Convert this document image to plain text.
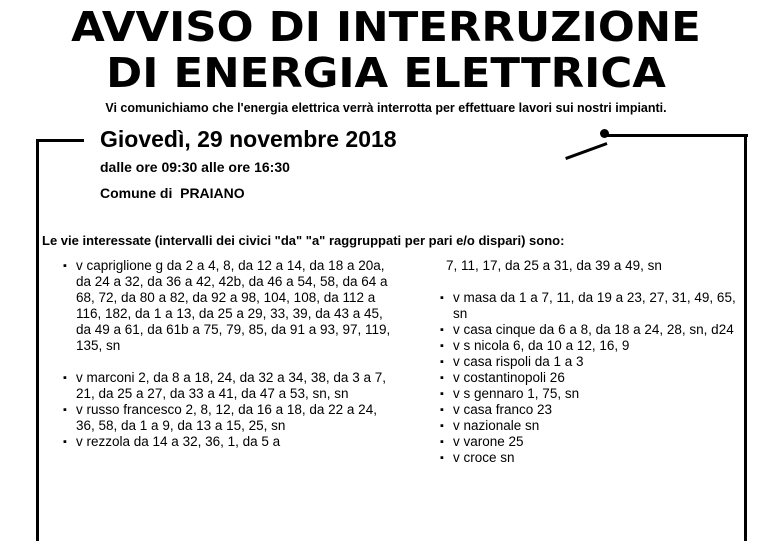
AVVISO DI INTERRUZIONE
DI ENERGIA ELETTRICA
Vi comunichiamo che l'energia elettrica verrà interrotta per effettuare lavori sui nostri impianti.
Giovedì, 29 novembre 2018
dalle ore 09:30 alle ore 16:30
Comune di  PRAIANO
Le vie interessate (intervalli dei civici "da" "a" raggruppati per pari e/o dispari) sono:
▪ v capriglione g da 2 a 4, 8, da 12 a 14, da 18 a 20a, da 24 a 32, da 36 a 42, 42b, da 46 a 54, 58, da 64 a 68, 72, da 80 a 82, da 92 a 98, 104, 108, da 112 a 116, 182, da 1 a 13, da 25 a 29, 33, 39, da 43 a 45, da 49 a 61, da 61b a 75, 79, 85, da 91 a 93, 97, 119, 135, sn
▪ v marconi 2, da 8 a 18, 24, da 32 a 34, 38, da 3 a 7, 21, da 25 a 27, da 33 a 41, da 47 a 53, sn, sn
▪ v russo francesco 2, 8, 12, da 16 a 18, da 22 a 24, 36, 58, da 1 a 9, da 13 a 15, 25, sn
▪ v rezzola da 14 a 32, 36, 1, da 5 a
7, 11, 17, da 25 a 31, da 39 a 49, sn
▪ v masa da 1 a 7, 11, da 19 a 23, 27, 31, 49, 65, sn
▪ v casa cinque da 6 a 8, da 18 a 24, 28, sn, d24
▪ v s nicola 6, da 10 a 12, 16, 9
▪ v casa rispoli da 1 a 3
▪ v costantinopoli 26
▪ v s gennaro 1, 75, sn
▪ v casa franco 23
▪ v nazionale sn
▪ v varone 25
▪ v croce sn
